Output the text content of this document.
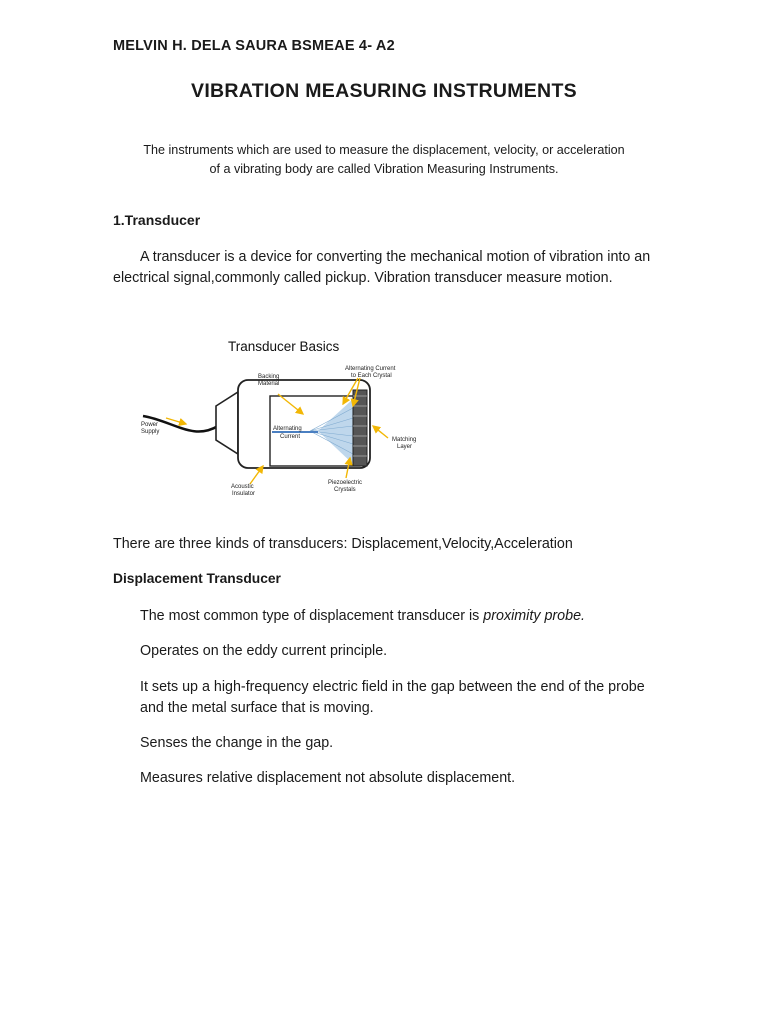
MELVIN H. DELA SAURA BSMEAE 4- A2
VIBRATION MEASURING INSTRUMENTS
The instruments which are used to measure the displacement, velocity, or acceleration
of a vibrating body are called Vibration Measuring Instruments.
1.Transducer
A transducer is a device for converting the mechanical motion of vibration into an electrical signal,commonly called pickup. Vibration transducer measure motion.
Transducer Basics
Backing
Material
Alternating Current
to Each Crystal
Power
Supply	Alternating
Current	Matching
Layer
Acoustic
Insulator
Piezoelectric
Crystals
There are three kinds of transducers: Displacement,Velocity,Acceleration
Displacement Transducer
The most common type of displacement transducer is proximity probe.
Operates on the eddy current principle.
It sets up a high-frequency electric field in the gap between the end of the probe and the metal surface that is moving.
Senses the change in the gap.
Measures relative displacement not absolute displacement.
